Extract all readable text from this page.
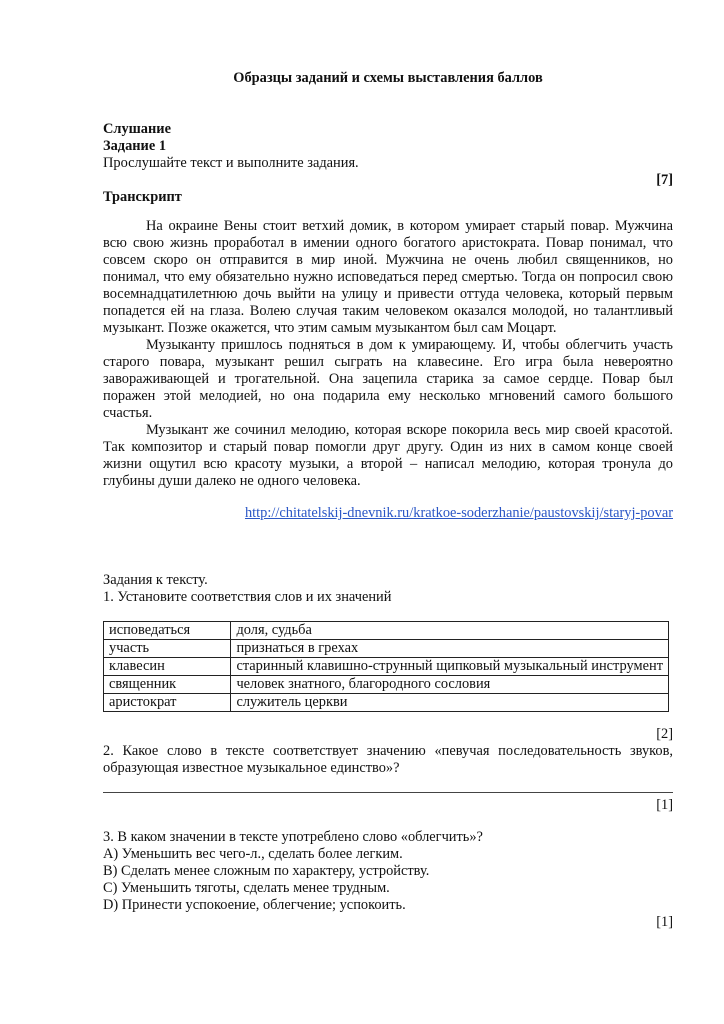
Образцы заданий и схемы выставления баллов
Слушание
Задание 1
Прослушайте текст и выполните задания.
[7]
Транскрипт
На окраине Вены стоит ветхий домик, в котором умирает старый повар. Мужчина всю свою жизнь проработал в имении одного богатого аристократа. Повар понимал, что совсем скоро он отправится в мир иной. Мужчина не очень любил священников, но понимал, что ему обязательно нужно исповедаться перед смертью. Тогда он попросил свою восемнадцатилетнюю дочь выйти на улицу и привести оттуда человека, который первым попадется ей на глаза. Волею случая таким человеком оказался молодой, но талантливый музыкант. Позже окажется, что этим самым музыкантом был сам Моцарт.
Музыканту пришлось подняться в дом к умирающему. И, чтобы облегчить участь старого повара, музыкант решил сыграть на клавесине. Его игра была невероятно завораживающей и трогательной. Она зацепила старика за самое сердце. Повар был поражен этой мелодией, но она подарила ему несколько мгновений самого большого счастья.
Музыкант же сочинил мелодию, которая вскоре покорила весь мир своей красотой. Так композитор и старый повар помогли друг другу. Один из них в самом конце своей жизни ощутил всю красоту музыки, а второй – написал мелодию, которая тронула до глубины души далеко не одного человека.
http://chitatelskij-dnevnik.ru/kratkoe-soderzhanie/paustovskij/staryj-povar
Задания к тексту.
1. Установите соответствия слов и их значений
исповедаться	доля, судьба
участь	признаться в грехах
клавесин	старинный клавишно-струнный щипковый музыкальный инструмент
священник	человек знатного, благородного сословия
аристократ	служитель церкви
[2]
2. Какое слово в тексте соответствует значению «певучая последовательность звуков, образующая известное музыкальное единство»?
[1]
3. В каком значении в тексте употреблено слово «облегчить»?
A) Уменьшить вес чего-л., сделать более легким.
B) Сделать менее сложным по характеру, устройству.
C) Уменьшить тяготы, сделать менее трудным.
D) Принести успокоение, облегчение; успокоить.
[1]
